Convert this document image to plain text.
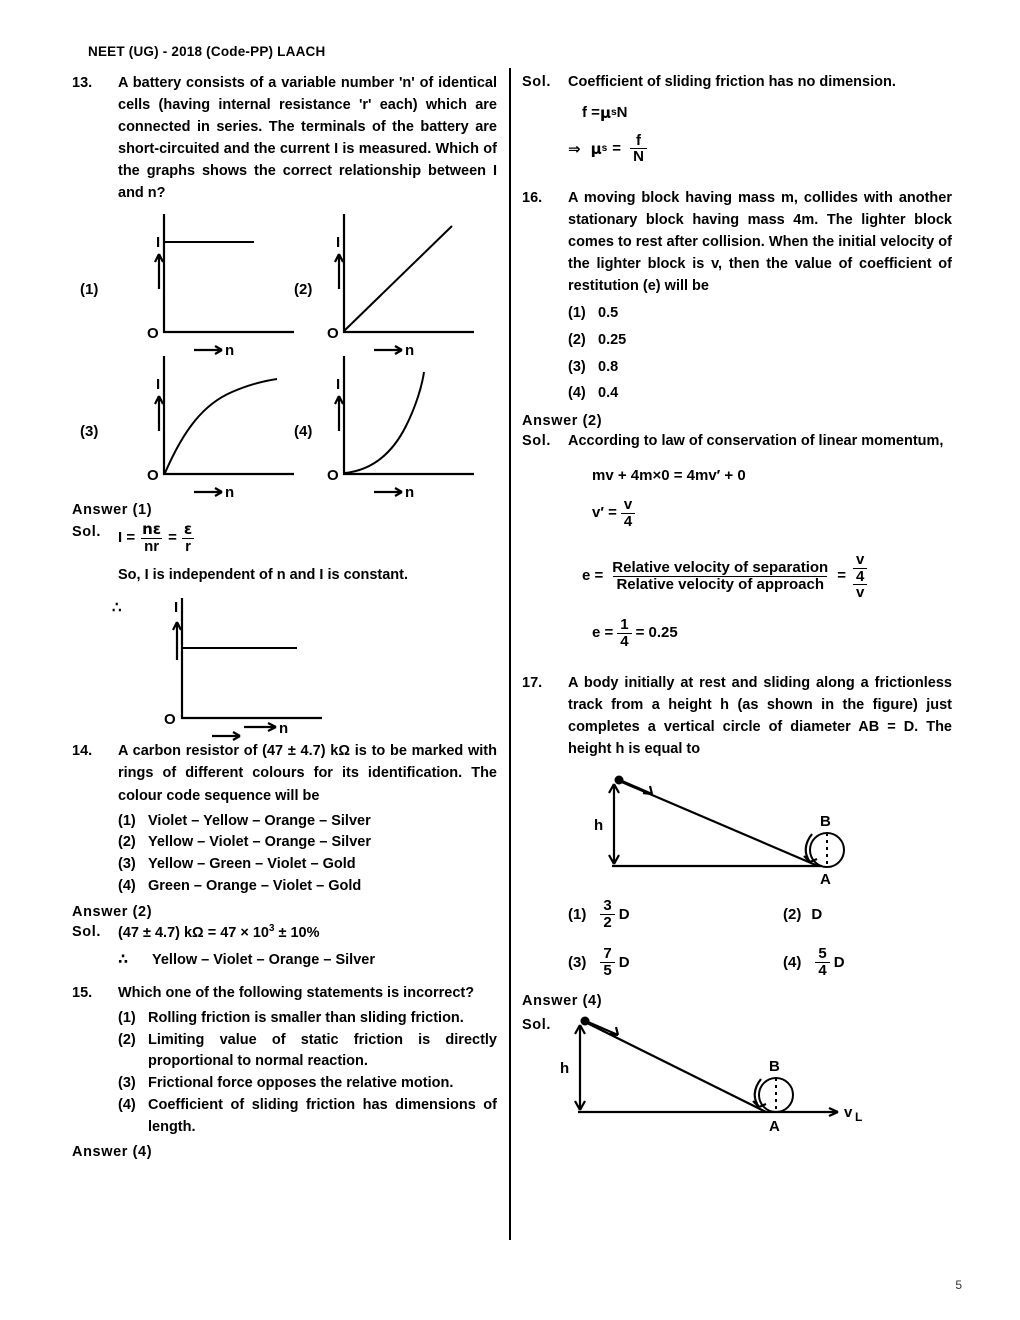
NEET (UG) - 2018 (Code-PP) LAACH
13.	A battery consists of a variable number 'n' of identical cells (having internal resistance 'r' each) which are connected in series. The terminals of the battery are short-circuited and the current I is measured. Which of the graphs shows the correct relationship between I and n?
(1)
I
O
n
(2)
I
O
n
(3)
I
O
n
(4)
I
O
n
Answer (1)
Sol.	$I = \frac{n\varepsilon}{nr} = \frac{\varepsilon}{r}$
So, I is independent of n and I is constant.
∴	I
O
n
14.	A carbon resistor of (47 ± 4.7) kΩ is to be marked with rings of different colours for its identification. The colour code sequence will be
(1) Violet – Yellow – Orange – Silver
(2) Yellow – Violet – Orange – Silver
(3) Yellow – Green – Violet – Gold
(4) Green – Orange – Violet – Gold
Answer (2)
Sol.	(47 ± 4.7) $k\Omega = 47 \times 10^3 \pm 10\%$
∴	Yellow – Violet – Orange – Silver
15.	Which one of the following statements is incorrect?
(1) Rolling friction is smaller than sliding friction.
(2) Limiting value of static friction is directly proportional to normal reaction.
(3) Frictional force opposes the relative motion.
(4) Coefficient of sliding friction has dimensions of length.
Answer (4)
Sol.	Coefficient of sliding friction has no dimension.
f = μ s N
⇒ μ $s = \frac{f}{N}$
16.	A moving block having mass m, collides with another stationary block having mass 4m. The lighter block comes to rest after collision. When the initial velocity of the lighter block is v, then the value of coefficient of restitution (e) will be
(1) 0.5
(2) 0.25
(3) 0.8
(4) 0.4
Answer (2)
Sol.	According to law of conservation of linear momentum,
mv + 4m×0 = 4mv′ + 0
$v' = \frac{v}{4}$
$e = \frac{\text{Relative velocity of separation}}{\text{Relative velocity of approach}} = \frac{\frac{v}{4}}{v}$
$e = \frac{1}{4} = 0.25$
17.	A body initially at rest and sliding along a frictionless track from a height h (as shown in the figure) just completes a vertical circle of diameter AB = D. The height h is equal to
B
A
h
$(1) \frac{3}{2}$ D	(2) D
$(3) \frac{7}{5}$ D	$(4) \frac{5}{4}$ D
Answer (4)
Sol.
B
A
h
v L
5
